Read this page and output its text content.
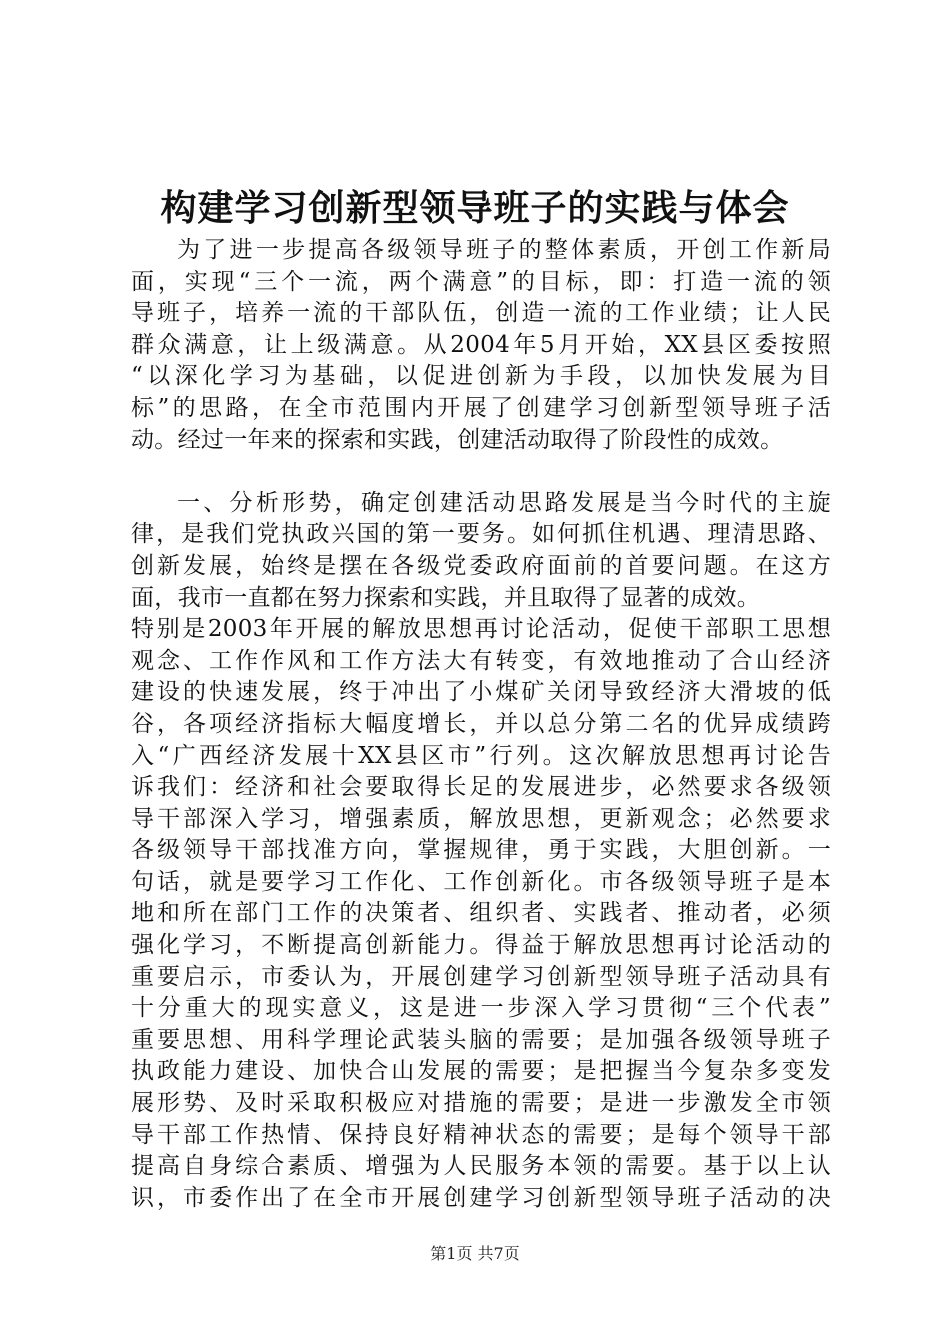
构建学习创新型领导班子的实践与体会
为了进一步提高各级领导班子的整体素质，开创工作新局
面，实现“三个一流，两个满意”的目标，即：打造一流的领
导班子，培养一流的干部队伍，创造一流的工作业绩；让人民
群众满意，让上级满意。从2004年5月开始，XX县区委按照
“以深化学习为基础，以促进创新为手段，以加快发展为目
标”的思路，在全市范围内开展了创建学习创新型领导班子活
动。经过一年来的探索和实践，创建活动取得了阶段性的成效。
一、分析形势，确定创建活动思路发展是当今时代的主旋
律，是我们党执政兴国的第一要务。如何抓住机遇、理清思路、
创新发展，始终是摆在各级党委政府面前的首要问题。在这方
面，我市一直都在努力探索和实践，并且取得了显著的成效。
特别是2003年开展的解放思想再讨论活动，促使干部职工思想
观念、工作作风和工作方法大有转变，有效地推动了合山经济
建设的快速发展，终于冲出了小煤矿关闭导致经济大滑坡的低
谷，各项经济指标大幅度增长，并以总分第二名的优异成绩跨
入“广西经济发展十XX县区市”行列。这次解放思想再讨论告
诉我们：经济和社会要取得长足的发展进步，必然要求各级领
导干部深入学习，增强素质，解放思想，更新观念；必然要求
各级领导干部找准方向，掌握规律，勇于实践，大胆创新。一
句话，就是要学习工作化、工作创新化。市各级领导班子是本
地和所在部门工作的决策者、组织者、实践者、推动者，必须
强化学习，不断提高创新能力。得益于解放思想再讨论活动的
重要启示，市委认为，开展创建学习创新型领导班子活动具有
十分重大的现实意义，这是进一步深入学习贯彻“三个代表”
重要思想、用科学理论武装头脑的需要；是加强各级领导班子
执政能力建设、加快合山发展的需要；是把握当今复杂多变发
展形势、及时采取积极应对措施的需要；是进一步激发全市领
导干部工作热情、保持良好精神状态的需要；是每个领导干部
提高自身综合素质、增强为人民服务本领的需要。基于以上认
识，市委作出了在全市开展创建学习创新型领导班子活动的决
第1页 共7页
